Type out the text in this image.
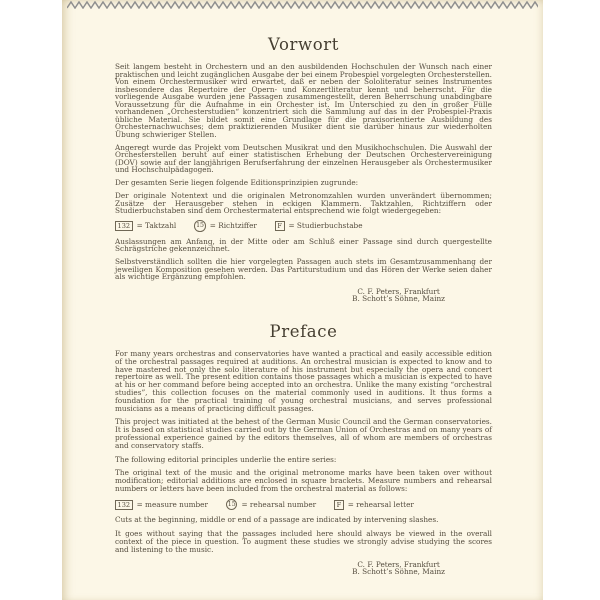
Vorwort

Seit langem besteht in Orchestern und an den ausbildenden Hochschulen der Wunsch nach einer praktischen und leicht zugänglichen Ausgabe der bei einem Probespiel vorgelegten Orchesterstellen. Von einem Orchestermusiker wird erwartet, daß er neben der Sololiteratur seines Instrumentes insbesondere das Repertoire der Opern- und Konzertliteratur kennt und beherrscht. Für die vorliegende Ausgabe wurden jene Passagen zusammengestellt, deren Beherrschung unabdingbare Voraussetzung für die Aufnahme in ein Orchester ist. Im Unterschied zu den in großer Fülle vorhandenen „Orchesterstudien“ konzentriert sich die Sammlung auf das in der Probespiel-Praxis übliche Material. Sie bildet somit eine Grundlage für die praxisorientierte Ausbildung des Orchesternachwuchses; dem praktizierenden Musiker dient sie darüber hinaus zur wiederholten Übung schwieriger Stellen.

Angeregt wurde das Projekt vom Deutschen Musikrat und den Musikhochschulen. Die Auswahl der Orchesterstellen beruht auf einer statistischen Erhebung der Deutschen Orchestervereinigung (DOV) sowie auf der langjährigen Berufserfahrung der einzelnen Herausgeber als Orchestermusiker und Hochschulpädagogen.

Der gesamten Serie liegen folgende Editionsprinzipien zugrunde:

Der originale Notentext und die originalen Metronomzahlen wurden unverändert übernommen; Zusätze der Herausgeber stehen in eckigen Klammern. Taktzahlen, Richtziffern oder Studierbuchstaben sind dem Orchestermaterial entsprechend wie folgt wiedergegeben:

132 = Taktzahl	15 = Richtziffer	F = Studierbuchstabe

Auslassungen am Anfang, in der Mitte oder am Schluß einer Passage sind durch quergestellte Schrägstriche gekennzeichnet.

Selbstverständlich sollten die hier vorgelegten Passagen auch stets im Gesamtzusammenhang der jeweiligen Komposition gesehen werden. Das Partiturstudium und das Hören der Werke seien daher als wichtige Ergänzung empfohlen.

C. F. Peters, Frankfurt
B. Schott’s Söhne, Mainz
Preface

For many years orchestras and conservatories have wanted a practical and easily accessible edition of the orchestral passages required at auditions. An orchestral musician is expected to know and to have mastered not only the solo literature of his instrument but especially the opera and concert repertoire as well. The present edition contains those passages which a musician is expected to have at his or her command before being accepted into an orchestra. Unlike the many existing “orchestral studies”, this collection focuses on the material commonly used in auditions. It thus forms a foundation for the practical training of young orchestral musicians, and serves professional musicians as a means of practicing difficult passages.

This project was initiated at the behest of the German Music Council and the German conservatories. It is based on statistical studies carried out by the German Union of Orchestras and on many years of professional experience gained by the editors themselves, all of whom are members of orchestras and conservatory staffs.

The following editorial principles underlie the entire series:

The original text of the music and the original metronome marks have been taken over without modification; editorial additions are enclosed in square brackets. Measure numbers and rehearsal numbers or letters have been included from the orchestral material as follows:

132 = measure number	15 = rehearsal number	F = rehearsal letter

Cuts at the beginning, middle or end of a passage are indicated by intervening slashes.

It goes without saying that the passages included here should always be viewed in the overall context of the piece in question. To augment these studies we strongly advise studying the scores and listening to the music.

C. F. Peters, Frankfurt
B. Schott’s Söhne, Mainz
